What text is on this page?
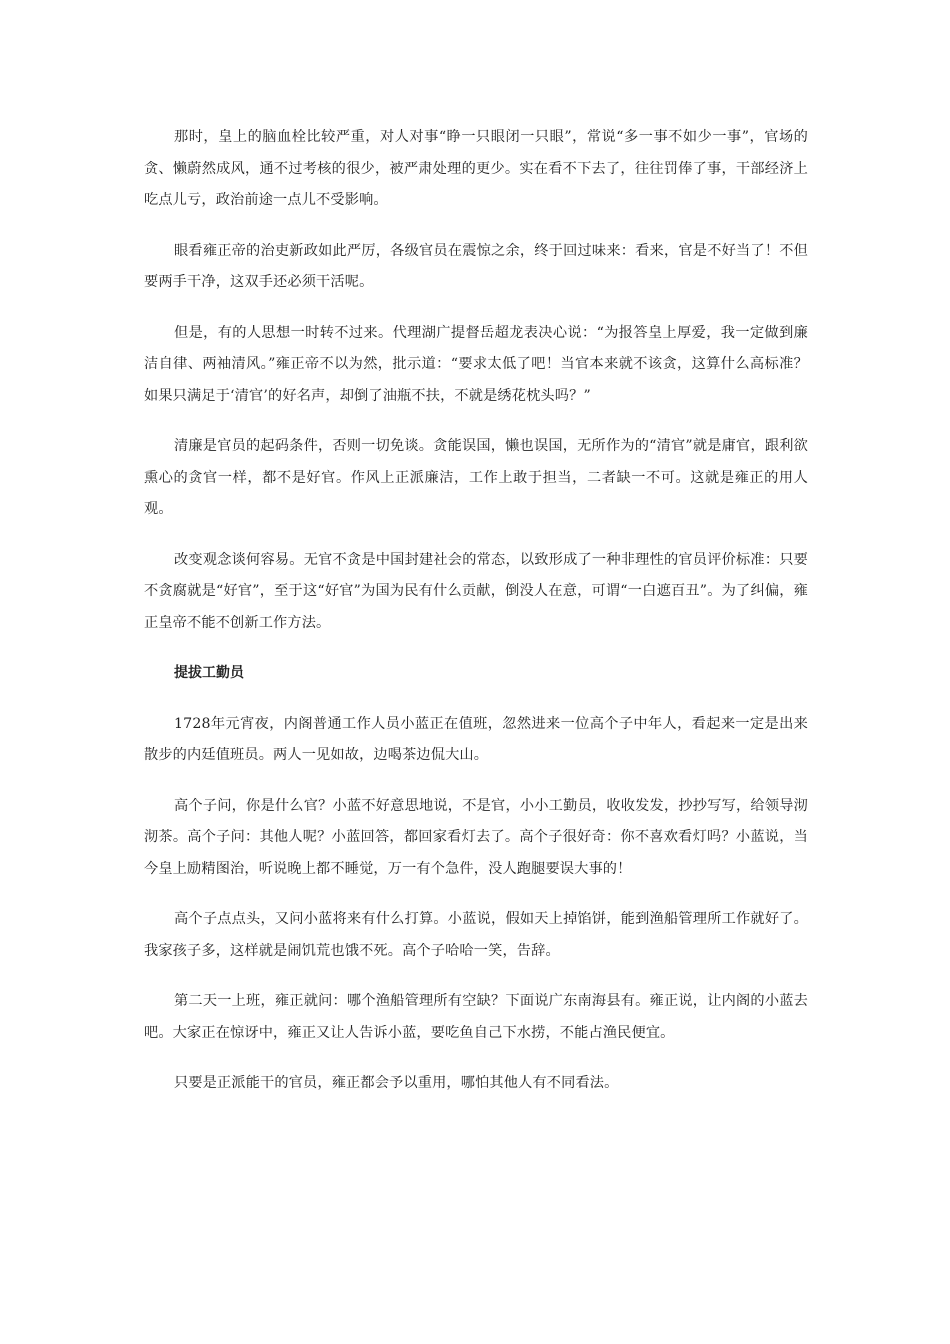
那时，皇上的脑血栓比较严重，对人对事“睁一只眼闭一只眼”，常说“多一事不如少一事”，官场的贪、懒蔚然成风，通不过考核的很少，被严肃处理的更少。实在看不下去了，往往罚俸了事，干部经济上吃点儿亏，政治前途一点儿不受影响。

眼看雍正帝的治吏新政如此严厉，各级官员在震惊之余，终于回过味来：看来，官是不好当了！不但要两手干净，这双手还必须干活呢。

但是，有的人思想一时转不过来。代理湖广提督岳超龙表决心说：“为报答皇上厚爱，我一定做到廉洁自律、两袖清风。”雍正帝不以为然，批示道：“要求太低了吧！当官本来就不该贪，这算什么高标准？如果只满足于‘清官’的好名声，却倒了油瓶不扶，不就是绣花枕头吗？”

清廉是官员的起码条件，否则一切免谈。贪能误国，懒也误国，无所作为的“清官”就是庸官，跟利欲熏心的贪官一样，都不是好官。作风上正派廉洁，工作上敢于担当，二者缺一不可。这就是雍正的用人观。

改变观念谈何容易。无官不贪是中国封建社会的常态，以致形成了一种非理性的官员评价标准：只要不贪腐就是“好官”，至于这“好官”为国为民有什么贡献，倒没人在意，可谓“一白遮百丑”。为了纠偏，雍正皇帝不能不创新工作方法。

提拔工勤员

1728年元宵夜，内阁普通工作人员小蓝正在值班，忽然进来一位高个子中年人，看起来一定是出来散步的内廷值班员。两人一见如故，边喝茶边侃大山。

高个子问，你是什么官？小蓝不好意思地说，不是官，小小工勤员，收收发发，抄抄写写，给领导沏沏茶。高个子问：其他人呢？小蓝回答，都回家看灯去了。高个子很好奇：你不喜欢看灯吗？小蓝说，当今皇上励精图治，听说晚上都不睡觉，万一有个急件，没人跑腿要误大事的！

高个子点点头，又问小蓝将来有什么打算。小蓝说，假如天上掉馅饼，能到渔船管理所工作就好了。我家孩子多，这样就是闹饥荒也饿不死。高个子哈哈一笑，告辞。

第二天一上班，雍正就问：哪个渔船管理所有空缺？下面说广东南海县有。雍正说，让内阁的小蓝去吧。大家正在惊讶中，雍正又让人告诉小蓝，要吃鱼自己下水捞，不能占渔民便宜。

只要是正派能干的官员，雍正都会予以重用，哪怕其他人有不同看法。
